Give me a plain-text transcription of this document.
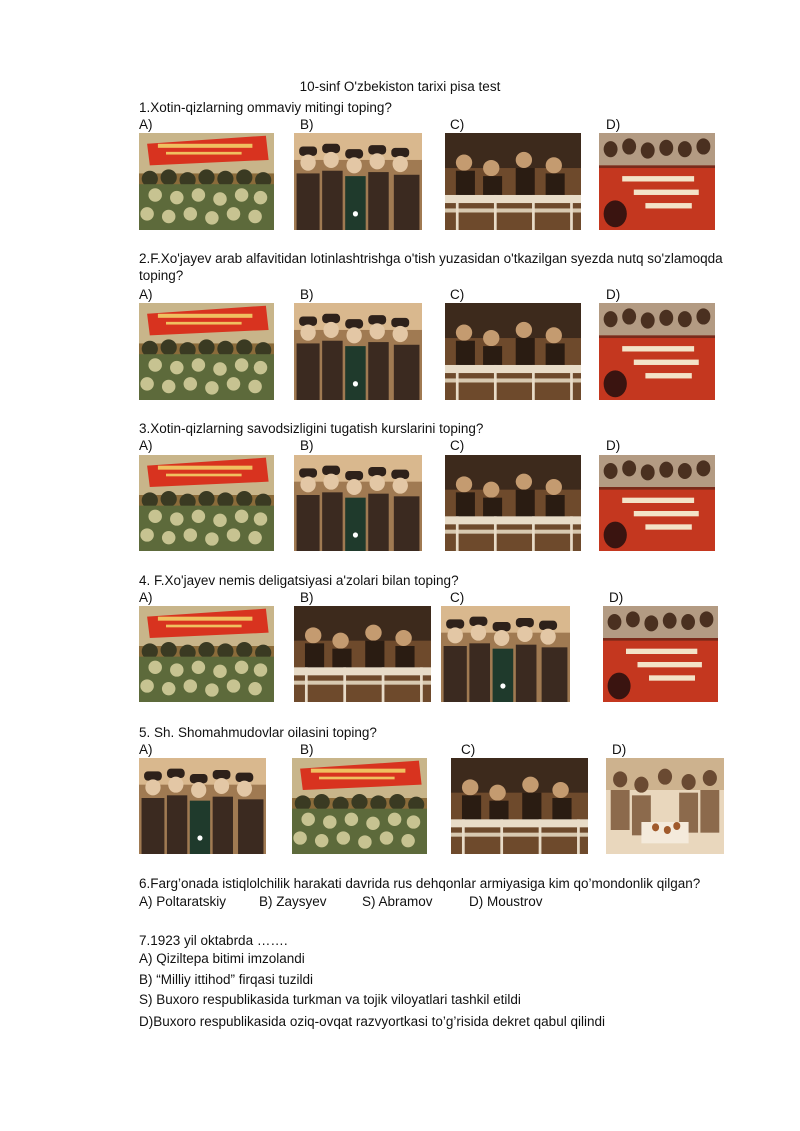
10-sinf O'zbekiston tarixi pisa test
1.Xotin-qizlarning ommaviy mitingi toping?
A)	B)	C)	D)
2.F.Xo'jayev arab alfavitidan lotinlashtrishga o'tish yuzasidan o'tkazilgan syezda nutq so'zlamoqda toping?
A)	B)	C)	D)
3.Xotin-qizlarning savodsizligini tugatish kurslarini toping?
A)	B)	C)	D)
4. F.Xo'jayev nemis deligatsiyasi a'zolari bilan toping?
A)	B)	C)	D)
5. Sh. Shomahmudovlar oilasini toping?
A)	B)	C)	D)
6.Farg’onada istiqlolchilik harakati davrida rus dehqonlar armiyasiga kim qo’mondonlik qilgan?
A) Poltaratskiy B) Zaysyev	S) Abramov	D) Moustrov
7.1923 yil oktabrda …….
A) Qiziltepa bitimi imzolandi
B) “Milliy ittihod” firqasi tuzildi
S) Buxoro respublikasida turkman va tojik viloyatlari tashkil etildi
D)Buxoro respublikasida oziq-ovqat razvyortkasi to’g’risida dekret qabul qilindi
